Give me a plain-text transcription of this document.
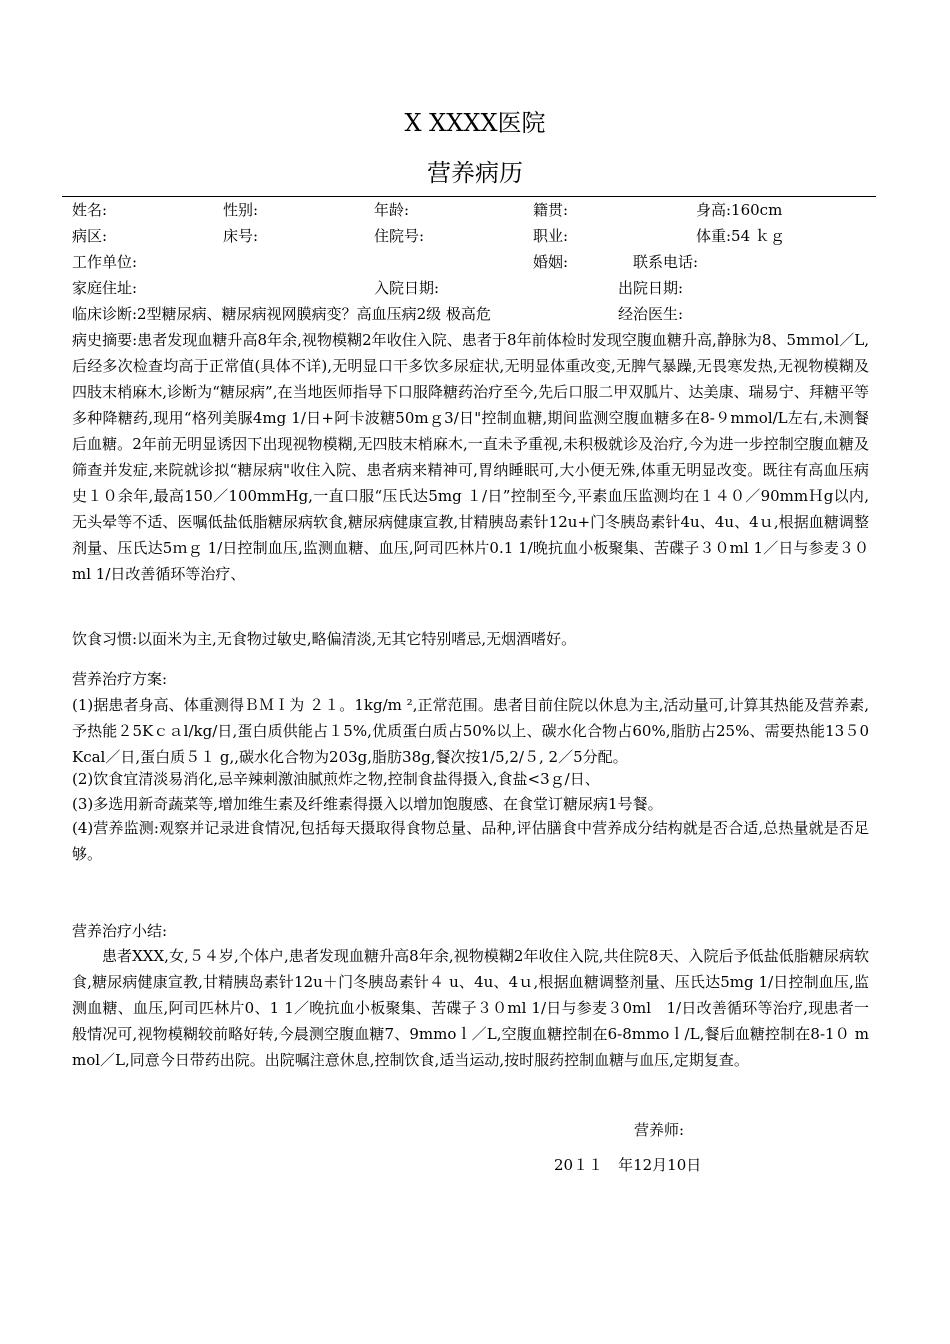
X XXXX医院
营养病历
姓名:	性别:	年龄:	籍贯:	身高:160cm
病区:	床号:	住院号:	职业:	体重:54 ｋｇ
工作单位:	婚姻:	联系电话:
家庭住址:	入院日期:	出院日期:
临床诊断:2型糖尿病、糖尿病视网膜病变？高血压病2级 极高危	经治医生:
病史摘要:患者发现血糖升高8年余,视物模糊2年收住入院、患者于8年前体检时发现空腹血糖升高,静脉为8、5mｍol／L,后经多次检查均高于正常值(具体不详),无明显口干多饮多尿症状,无明显体重改变,无脾气暴躁,无畏寒发热,无视物模糊及四肢末梢麻木,诊断为“糖尿病”,在当地医师指导下口服降糖药治疗至今,先后口服二甲双胍片、达美康、瑞易宁、拜糖平等多种降糖药,现用“格列美脲4mg 1/日+阿卡波糖50mｇ3/日"控制血糖,期间监测空腹血糖多在8-９mmol/L左右,未测餐后血糖。2年前无明显诱因下出现视物模糊,无四肢末梢麻木,一直未予重视,未积极就诊及治疗,今为进一步控制空腹血糖及筛查并发症,来院就诊拟“糖尿病"收住入院、患者病来精神可,胃纳睡眠可,大小便无殊,体重无明显改变。既往有高血压病史１０余年,最高150／100mmHg,一直口服“压氏达5mg １/日”控制至今,平素血压监测均在１４０／90mmＨg以内,无头晕等不适、医嘱低盐低脂糖尿病软食,糖尿病健康宣教,甘精胰岛素针12u+门冬胰岛素针4u、4u、4ｕ,根据血糖调整剂量、压氏达5ｍｇ 1/日控制血压,监测血糖、血压,阿司匹林片0.1 1/晚抗血小板聚集、苦碟子３０ml 1／日与参麦３０ ml 1/日改善循环等治疗、
饮食习惯:以面米为主,无食物过敏史,略偏清淡,无其它特别嗜忌,无烟酒嗜好。
营养治疗方案:
(1)据患者身高、体重测得ＢＭＩ为 ２１。1kg/m ²,正常范围。患者目前住院以休息为主,活动量可,计算其热能及营养素,予热能２5Kｃａl/kg/日,蛋白质供能占１5%,优质蛋白质占50%以上、碳水化合物占60%,脂肪占25%、需要热能13５0Kcal／日,蛋白质５１ g,,碳水化合物为203g,脂肪38g,餐次按1/5,2/５, 2／5分配。
(2)饮食宜清淡易消化,忌辛辣刺激油腻煎炸之物,控制食盐得摄入,食盐<3ｇ/日、
(3)多选用新奇蔬菜等,增加维生素及纤维素得摄入以增加饱腹感、在食堂订糖尿病1号餐。
(4)营养监测:观察并记录进食情况,包括每天摄取得食物总量、品种,评估膳食中营养成分结构就是否合适,总热量就是否足够。
营养治疗小结:
患者XXX,女,５４岁,个体户,患者发现血糖升高8年余,视物模糊2年收住入院,共住院8天、入院后予低盐低脂糖尿病软食,糖尿病健康宣教,甘精胰岛素针12u＋门冬胰岛素针４ u、4u、4ｕ,根据血糖调整剂量、压氏达5mg 1/日控制血压,监测血糖、血压,阿司匹林片0、1 1／晚抗血小板聚集、苦碟子３０ml 1/日与参麦３0ml　1/日改善循环等治疗,现患者一般情况可,视物模糊较前略好转,今晨测空腹血糖7、9mmoｌ／L,空腹血糖控制在6-8mmoｌ/L,餐后血糖控制在8-1０ mmol／L,同意今日带药出院。出院嘱注意休息,控制饮食,适当运动,按时服药控制血糖与血压,定期复查。
营养师:
20１１　年12月10日
